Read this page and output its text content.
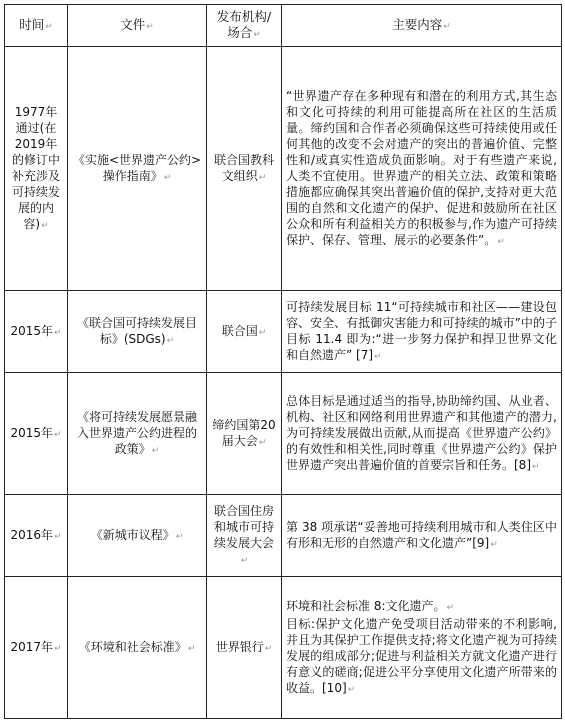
时间↵	文件↵	发布机构/场合↵	主要内容↵
1977年通过(在2019年的修订中补充涉及可持续发展的内容)↵	《实施<世界遗产公约>操作指南》↵	联合国教科文组织↵	“世界遗产存在多种现有和潜在的利用方式,其生态和文化可持续的利用可能提高所在社区的生活质量。缔约国和合作者必须确保这些可持续使用或任何其他的改变不会对遗产的突出的普遍价值、完整性和/或真实性造成负面影响。对于有些遗产来说,人类不宜使用。世界遗产的相关立法、政策和策略措施都应确保其突出普遍价值的保护,支持对更大范围的自然和文化遗产的保护、促进和鼓励所在社区公众和所有利益相关方的积极参与,作为遗产可持续保护、保存、管理、展示的必要条件”。↵
2015年↵	《联合国可持续发展目标》(SDGs)↵	联合国↵	可持续发展目标 11“可持续城市和社区——建设包容、安全、有抵御灾害能力和可持续的城市”中的子目标 11.4 即为:“进一步努力保护和捍卫世界文化和自然遗产” [7]↵
2015年↵	《将可持续发展愿景融入世界遗产公约进程的政策》↵	缔约国第20届大会↵	总体目标是通过适当的指导,协助缔约国、从业者、机构、社区和网络利用世界遗产和其他遗产的潜力,为可持续发展做出贡献,从而提高《世界遗产公约》的有效性和相关性,同时尊重《世界遗产公约》保护世界遗产突出普遍价值的首要宗旨和任务。[8]↵
2016年↵	《新城市议程》↵	联合国住房和城市可持续发展大会↵	第 38 项承诺“妥善地可持续利用城市和人类住区中有形和无形的自然遗产和文化遗产”[9]↵
2017年↵	《环境和社会标准》↵	世界银行↵	环境和社会标准 8:文化遗产。↵
目标:保护文化遗产免受项目活动带来的不利影响,并且为其保护工作提供支持;将文化遗产视为可持续发展的组成部分;促进与利益相关方就文化遗产进行有意义的磋商;促进公平分享使用文化遗产所带来的收益。[10]↵
